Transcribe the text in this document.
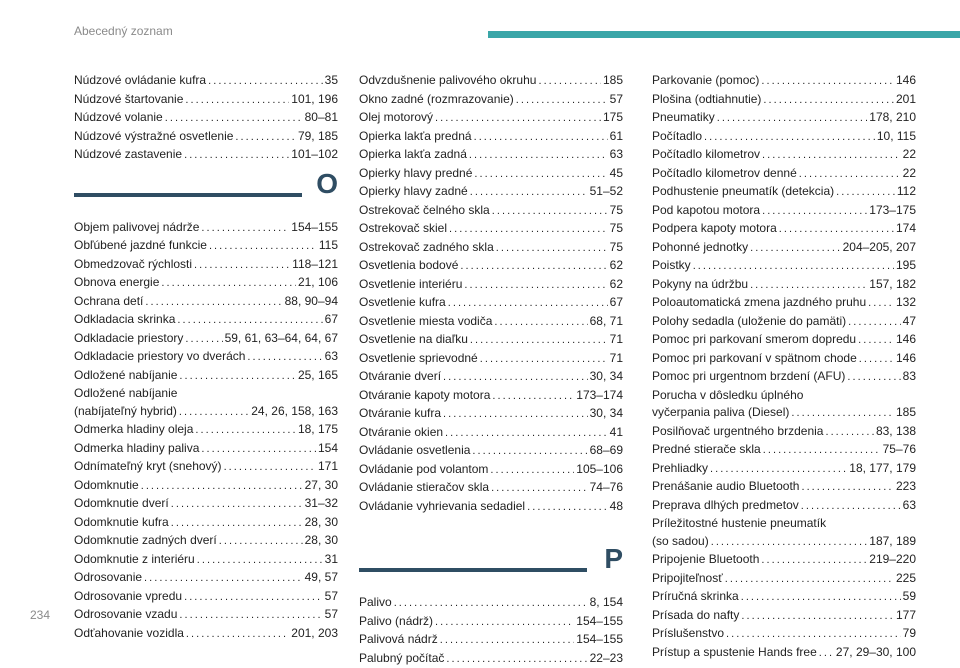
Abecedný zoznam
Núdzové ovládanie kufra . . .	35
Núdzové štartovanie . . .	101, 196
Núdzové volanie . . .	80–81
Núdzové výstražné osvetlenie . . .	79, 185
Núdzové zastavenie . . .	101–102
O
Objem palivovej nádrže . . .	154–155
Obľúbené jazdné funkcie . . .	115
Obmedzovač rýchlosti . . .	118–121
Obnova energie . . .	21, 106
Ochrana detí . . .	88, 90–94
Odkladacia skrinka . . .	67
Odkladacie priestory . . .	59, 61, 63–64, 64, 67
Odkladacie priestory vo dverách . . .	63
Odložené nabíjanie . . .	25, 165
Odložené nabíjanie
(nabíjateľný hybrid) . . .	24, 26, 158, 163
Odmerka hladiny oleja . . .	18, 175
Odmerka hladiny paliva . . .	154
Odnímateľný kryt (snehový) . . .	171
Odomknutie . . .	27, 30
Odomknutie dverí . . .	31–32
Odomknutie kufra . . .	28, 30
Odomknutie zadných dverí . . .	28, 30
Odomknutie z interiéru . . .	31
Odrosovanie . . .	49, 57
Odrosovanie vpredu . . .	57
Odrosovanie vzadu . . .	57
Odťahovanie vozidla . . .	201, 203
Odvzdušnenie palivového okruhu . . .	185
Okno zadné (rozmrazovanie) . . .	57
Olej motorový . . .	175
Opierka lakťa predná . . .	61
Opierka lakťa zadná . . .	63
Opierky hlavy predné . . .	45
Opierky hlavy zadné . . .	51–52
Ostrekovač čelného skla . . .	75
Ostrekovač skiel . . .	75
Ostrekovač zadného skla . . .	75
Osvetlenia bodové . . .	62
Osvetlenie interiéru . . .	62
Osvetlenie kufra . . .	67
Osvetlenie miesta vodiča . . .	68, 71
Osvetlenie na diaľku . . .	71
Osvetlenie sprievodné . . .	71
Otváranie dverí . . .	30, 34
Otváranie kapoty motora . . .	173–174
Otváranie kufra . . .	30, 34
Otváranie okien . . .	41
Ovládanie osvetlenia . . .	68–69
Ovládanie pod volantom . . .	105–106
Ovládanie stieračov skla . . .	74–76
Ovládanie vyhrievania sedadiel . . .	48
P
Palivo . . .	8, 154
Palivo (nádrž) . . .	154–155
Palivová nádrž . . .	154–155
Palubný počítač . . .	22–23
Parkovanie (pomoc) . . .	146
Plošina (odtiahnutie) . . .	201
Pneumatiky . . .	178, 210
Počítadlo . . .	10, 115
Počítadlo kilometrov . . .	22
Počítadlo kilometrov denné . . .	22
Podhustenie pneumatík (detekcia) . . .	112
Pod kapotou motora . . .	173–175
Podpera kapoty motora . . .	174
Pohonné jednotky . . .	204–205, 207
Poistky . . .	195
Pokyny na údržbu . . .	157, 182
Poloautomatická zmena jazdného pruhu . . . 132
Polohy sedadla (uloženie do pamäti) . . .	47
Pomoc pri parkovaní smerom dopredu . . .	146
Pomoc pri parkovaní v spätnom chode . . .	146
Pomoc pri urgentnom brzdení (AFU) . . .	83
Porucha v dôsledku úplného
vyčerpania paliva (Diesel) . . .	185
Posilňovač urgentného brzdenia . . .	83, 138
Predné stierače skla . . .	75–76
Prehliadky . . .	18, 177, 179
Prenášanie audio Bluetooth . . .	223
Preprava dlhých predmetov . . .	63
Príležitostné hustenie pneumatík
(so sadou) . . .	187, 189
Pripojenie Bluetooth . . .	219–220
Pripojiteľnosť . . .	225
Príručná skrinka . . .	59
Prísada do nafty . . .	177
Príslušenstvo . . .	79
Prístup a spustenie Hands free . . . 27, 29–30, 100
234
